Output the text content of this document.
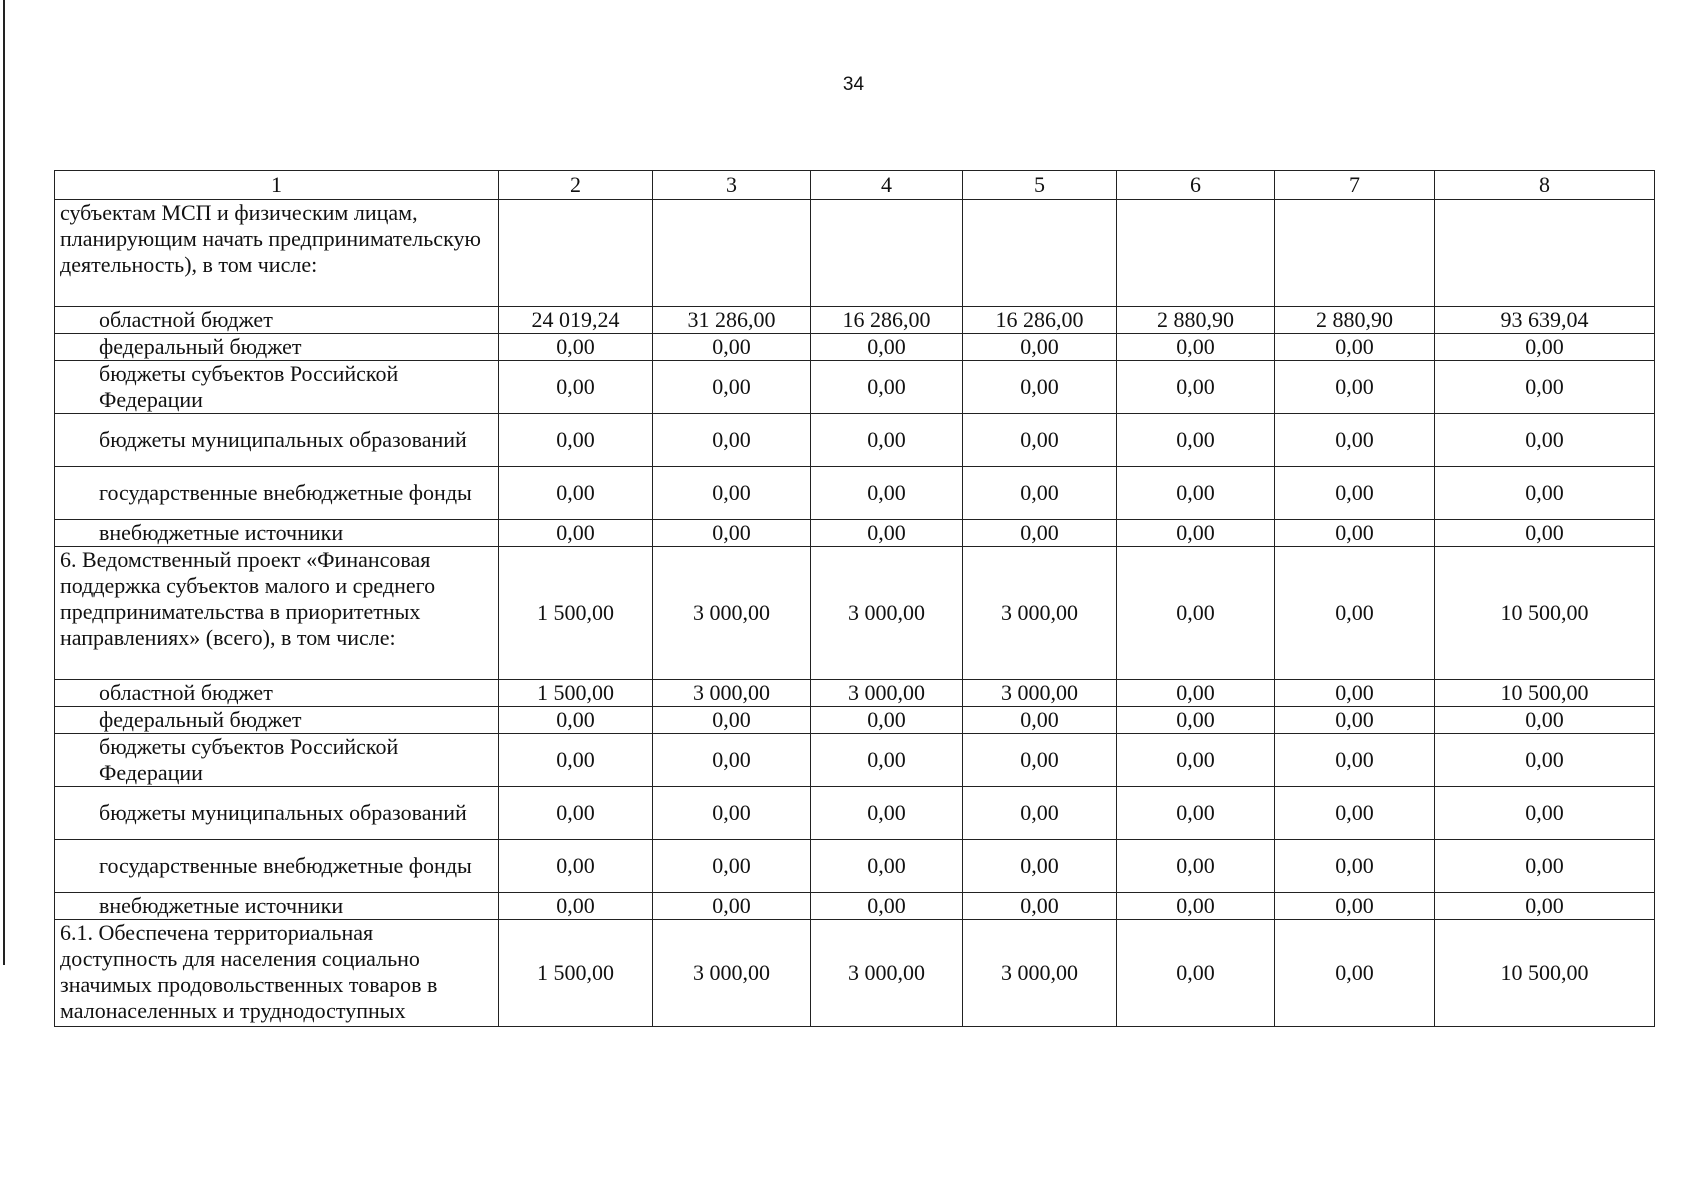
34
1	2	3	4	5	6	7	8
субъектам МСП и физическим лицам, планирующим начать предпринимательскую деятельность), в том числе:							
областной бюджет	24 019,24	31 286,00	16 286,00	16 286,00	2 880,90	2 880,90	93 639,04
федеральный бюджет	0,00	0,00	0,00	0,00	0,00	0,00	0,00
бюджеты субъектов Российской Федерации	0,00	0,00	0,00	0,00	0,00	0,00	0,00
бюджеты муниципальных образований	0,00	0,00	0,00	0,00	0,00	0,00	0,00
государственные внебюджетные фонды	0,00	0,00	0,00	0,00	0,00	0,00	0,00
внебюджетные источники	0,00	0,00	0,00	0,00	0,00	0,00	0,00
6. Ведомственный проект «Финансовая поддержка субъектов малого и среднего предпринимательства в приоритетных направлениях» (всего), в том числе:	1 500,00	3 000,00	3 000,00	3 000,00	0,00	0,00	10 500,00
областной бюджет	1 500,00	3 000,00	3 000,00	3 000,00	0,00	0,00	10 500,00
федеральный бюджет	0,00	0,00	0,00	0,00	0,00	0,00	0,00
бюджеты субъектов Российской Федерации	0,00	0,00	0,00	0,00	0,00	0,00	0,00
бюджеты муниципальных образований	0,00	0,00	0,00	0,00	0,00	0,00	0,00
государственные внебюджетные фонды	0,00	0,00	0,00	0,00	0,00	0,00	0,00
внебюджетные источники	0,00	0,00	0,00	0,00	0,00	0,00	0,00
6.1. Обеспечена территориальная доступность для населения социально значимых продовольственных товаров в малонаселенных и труднодоступных	1 500,00	3 000,00	3 000,00	3 000,00	0,00	0,00	10 500,00
